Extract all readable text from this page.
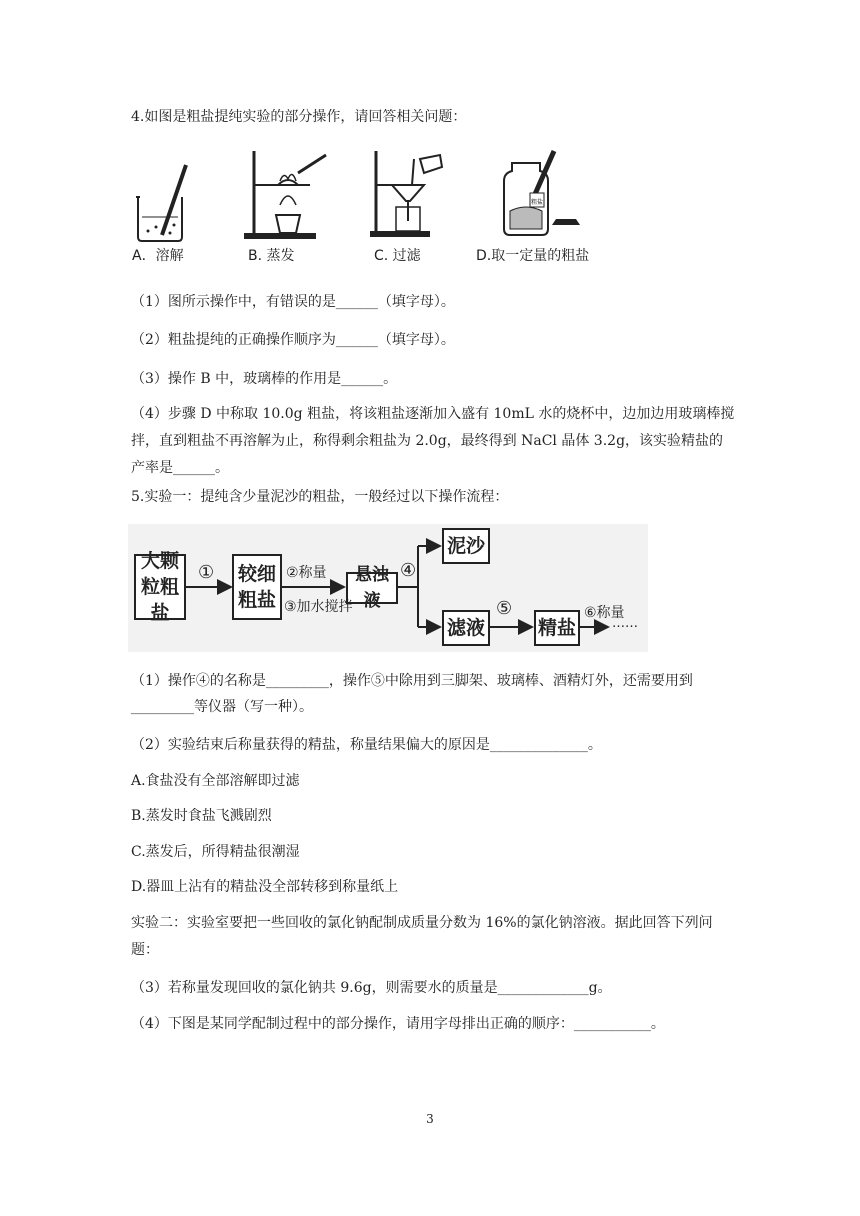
4.如图是粗盐提纯实验的部分操作，请回答相关问题：
A．溶解	B. 蒸发	C. 过滤
粗盐
D.取一定量的粗盐
（1）图所示操作中，有错误的是______（填字母）。
（2）粗盐提纯的正确操作顺序为______（填字母）。
（3）操作 B 中，玻璃棒的作用是______。
（4）步骤 D 中称取 10.0g 粗盐，将该粗盐逐渐加入盛有 10mL 水的烧杯中，边加边用玻璃棒搅拌，直到粗盐不再溶解为止，称得剩余粗盐为 2.0g，最终得到 NaCl 晶体 3.2g，该实验精盐的产率是______。
5.实验一：提纯含少量泥沙的粗盐，一般经过以下操作流程：
大颗粒粗盐
较细粗盐
悬浊液
泥沙
滤液	精盐
①	②称量
③加水搅拌
④
⑤	⑥称量
……
（1）操作④的名称是_________，操作⑤中除用到三脚架、玻璃棒、酒精灯外，还需要用到
_________等仪器（写一种）。
（2）实验结束后称量获得的精盐，称量结果偏大的原因是______________。
A.食盐没有全部溶解即过滤
B.蒸发时食盐飞溅剧烈
C.蒸发后，所得精盐很潮湿
D.器皿上沾有的精盐没全部转移到称量纸上
实验二：实验室要把一些回收的氯化钠配制成质量分数为 16%的氯化钠溶液。据此回答下列问题：
（3）若称量发现回收的氯化钠共 9.6g，则需要水的质量是_____________g。
（4）下图是某同学配制过程中的部分操作，请用字母排出正确的顺序：___________。
3
